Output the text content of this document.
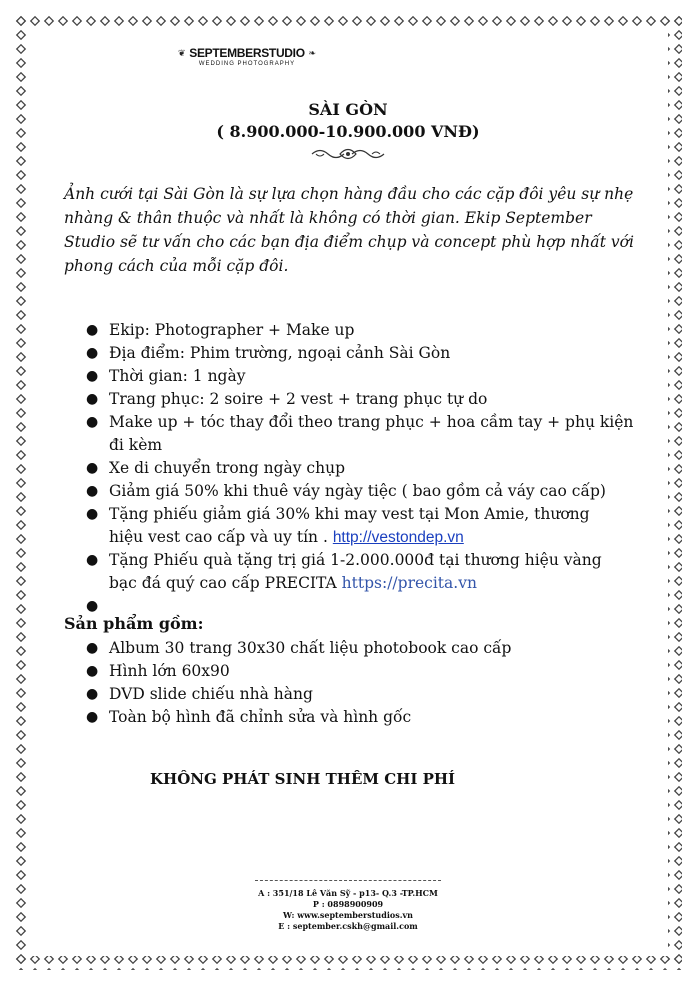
❦ SEPTEMBERSTUDIO
WEDDING PHOTOGRAPHY
❧
SÀI GÒN
( 8.900.000-10.900.000 VNĐ)
Ảnh cưới tại Sài Gòn là sự lựa chọn hàng đầu cho các cặp đôi yêu sự nhẹ
nhàng & thân thuộc và nhất là không có thời gian. Ekip September
Studio sẽ tư vấn cho các bạn địa điểm chụp và concept phù hợp nhất với
phong cách của mỗi cặp đôi.
● Ekip: Photographer + Make up
● Địa điểm: Phim trường, ngoại cảnh Sài Gòn
● Thời gian: 1 ngày
● Trang phục: 2 soire + 2 vest + trang phục tự do
● Make up + tóc thay đổi theo trang phục + hoa cầm tay + phụ kiện
đi kèm
● Xe di chuyển trong ngày chụp
● Giảm giá 50% khi thuê váy ngày tiệc ( bao gồm cả váy cao cấp)
● Tặng phiếu giảm giá 30% khi may vest tại Mon Amie, thương
hiệu vest cao cấp và uy tín . http://vestondep.vn
● Tặng Phiếu quà tặng trị giá 1-2.000.000đ tại thương hiệu vàng
bạc đá quý cao cấp PRECITA https://precita.vn
●

Sản phẩm gồm:
● Album 30 trang 30x30 chất liệu photobook cao cấp
● Hình lớn 60x90
● DVD slide chiếu nhà hàng
● Toàn bộ hình đã chỉnh sửa và hình gốc
KHÔNG PHÁT SINH THÊM CHI PHÍ
A : 351/18 Lê Văn Sỹ - p13- Q.3 -TP.HCM
P : 0898900909
W: www.septemberstudios.vn
E : september.cskh@gmail.com
